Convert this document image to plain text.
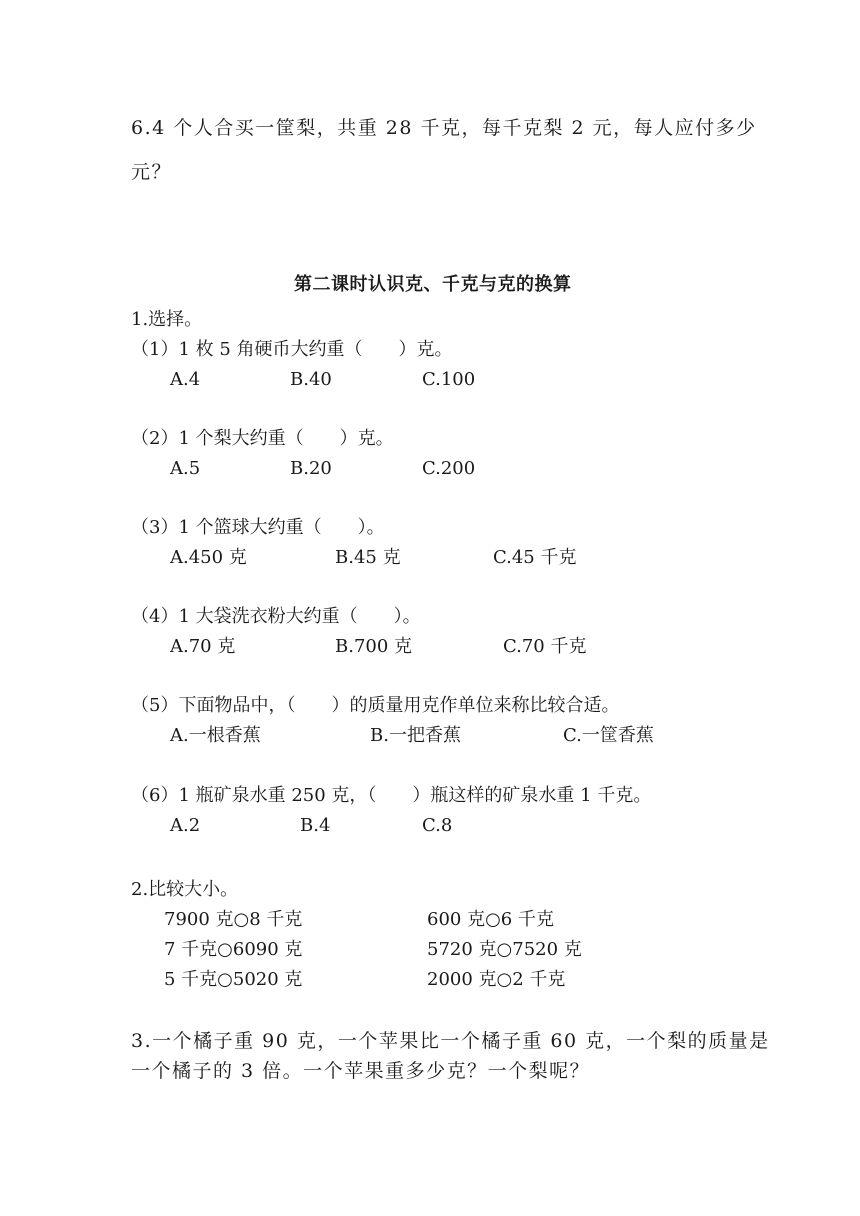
6.4 个人合买一筐梨，共重 28 千克，每千克梨 2 元，每人应付多少
元？
第二课时认识克、千克与克的换算
1.选择。
（1）1 枚 5 角硬币大约重（　　）克。
A.4	B.40	C.100
（2）1 个梨大约重（　　）克。
A.5	B.20	C.200
（3）1 个篮球大约重（　　）。
A.450 克	B.45 克	C.45 千克
（4）1 大袋洗衣粉大约重（　　）。
A.70 克	B.700 克	C.70 千克
（5）下面物品中，（　　）的质量用克作单位来称比较合适。
A.一根香蕉	B.一把香蕉	C.一筐香蕉
（6）1 瓶矿泉水重 250 克，（　　）瓶这样的矿泉水重 1 千克。
A.2	B.4	C.8
2.比较大小。
7900 克○8 千克	600 克○6 千克
7 千克○6090 克	5720 克○7520 克
5 千克○5020 克	2000 克○2 千克
3.一个橘子重 90 克，一个苹果比一个橘子重 60 克，一个梨的质量是
一个橘子的 3 倍。一个苹果重多少克？一个梨呢？
